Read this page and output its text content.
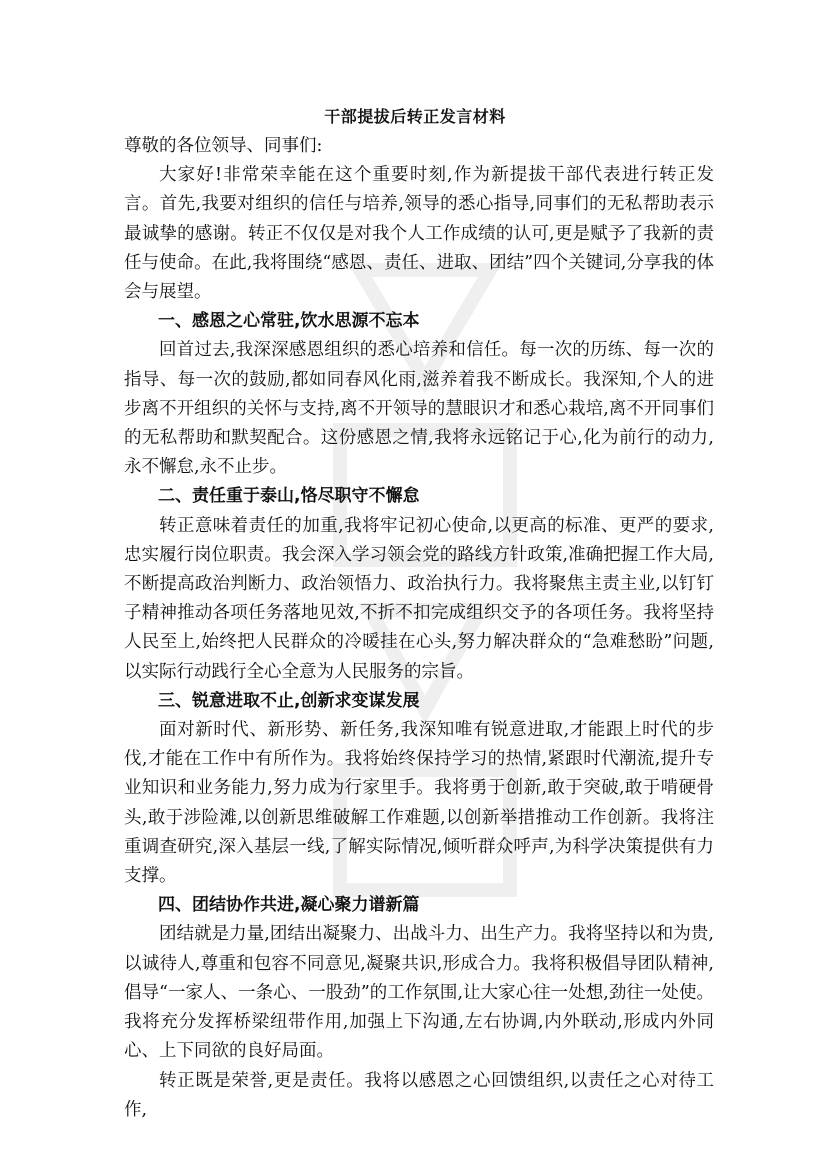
干部提拔后转正发言材料

尊敬的各位领导、同事们:

大家好!非常荣幸能在这个重要时刻,作为新提拔干部代表进行转正发言。首先,我要对组织的信任与培养,领导的悉心指导,同事们的无私帮助表示最诚挚的感谢。转正不仅仅是对我个人工作成绩的认可,更是赋予了我新的责任与使命。在此,我将围绕“感恩、责任、进取、团结”四个关键词,分享我的体会与展望。

一、感恩之心常驻,饮水思源不忘本

回首过去,我深深感恩组织的悉心培养和信任。每一次的历练、每一次的指导、每一次的鼓励,都如同春风化雨,滋养着我不断成长。我深知,个人的进步离不开组织的关怀与支持,离不开领导的慧眼识才和悉心栽培,离不开同事们的无私帮助和默契配合。这份感恩之情,我将永远铭记于心,化为前行的动力,永不懈怠,永不止步。

二、责任重于泰山,恪尽职守不懈怠

转正意味着责任的加重,我将牢记初心使命,以更高的标准、更严的要求,忠实履行岗位职责。我会深入学习领会党的路线方针政策,准确把握工作大局,不断提高政治判断力、政治领悟力、政治执行力。我将聚焦主责主业,以钉钉子精神推动各项任务落地见效,不折不扣完成组织交予的各项任务。我将坚持人民至上,始终把人民群众的冷暖挂在心头,努力解决群众的“急难愁盼”问题,以实际行动践行全心全意为人民服务的宗旨。

三、锐意进取不止,创新求变谋发展

面对新时代、新形势、新任务,我深知唯有锐意进取,才能跟上时代的步伐,才能在工作中有所作为。我将始终保持学习的热情,紧跟时代潮流,提升专业知识和业务能力,努力成为行家里手。我将勇于创新,敢于突破,敢于啃硬骨头,敢于涉险滩,以创新思维破解工作难题,以创新举措推动工作创新。我将注重调查研究,深入基层一线,了解实际情况,倾听群众呼声,为科学决策提供有力支撑。

四、团结协作共进,凝心聚力谱新篇

团结就是力量,团结出凝聚力、出战斗力、出生产力。我将坚持以和为贵,以诚待人,尊重和包容不同意见,凝聚共识,形成合力。我将积极倡导团队精神,倡导“一家人、一条心、一股劲”的工作氛围,让大家心往一处想,劲往一处使。我将充分发挥桥梁纽带作用,加强上下沟通,左右协调,内外联动,形成内外同心、上下同欲的良好局面。

转正既是荣誉,更是责任。我将以感恩之心回馈组织,以责任之心对待工作,
